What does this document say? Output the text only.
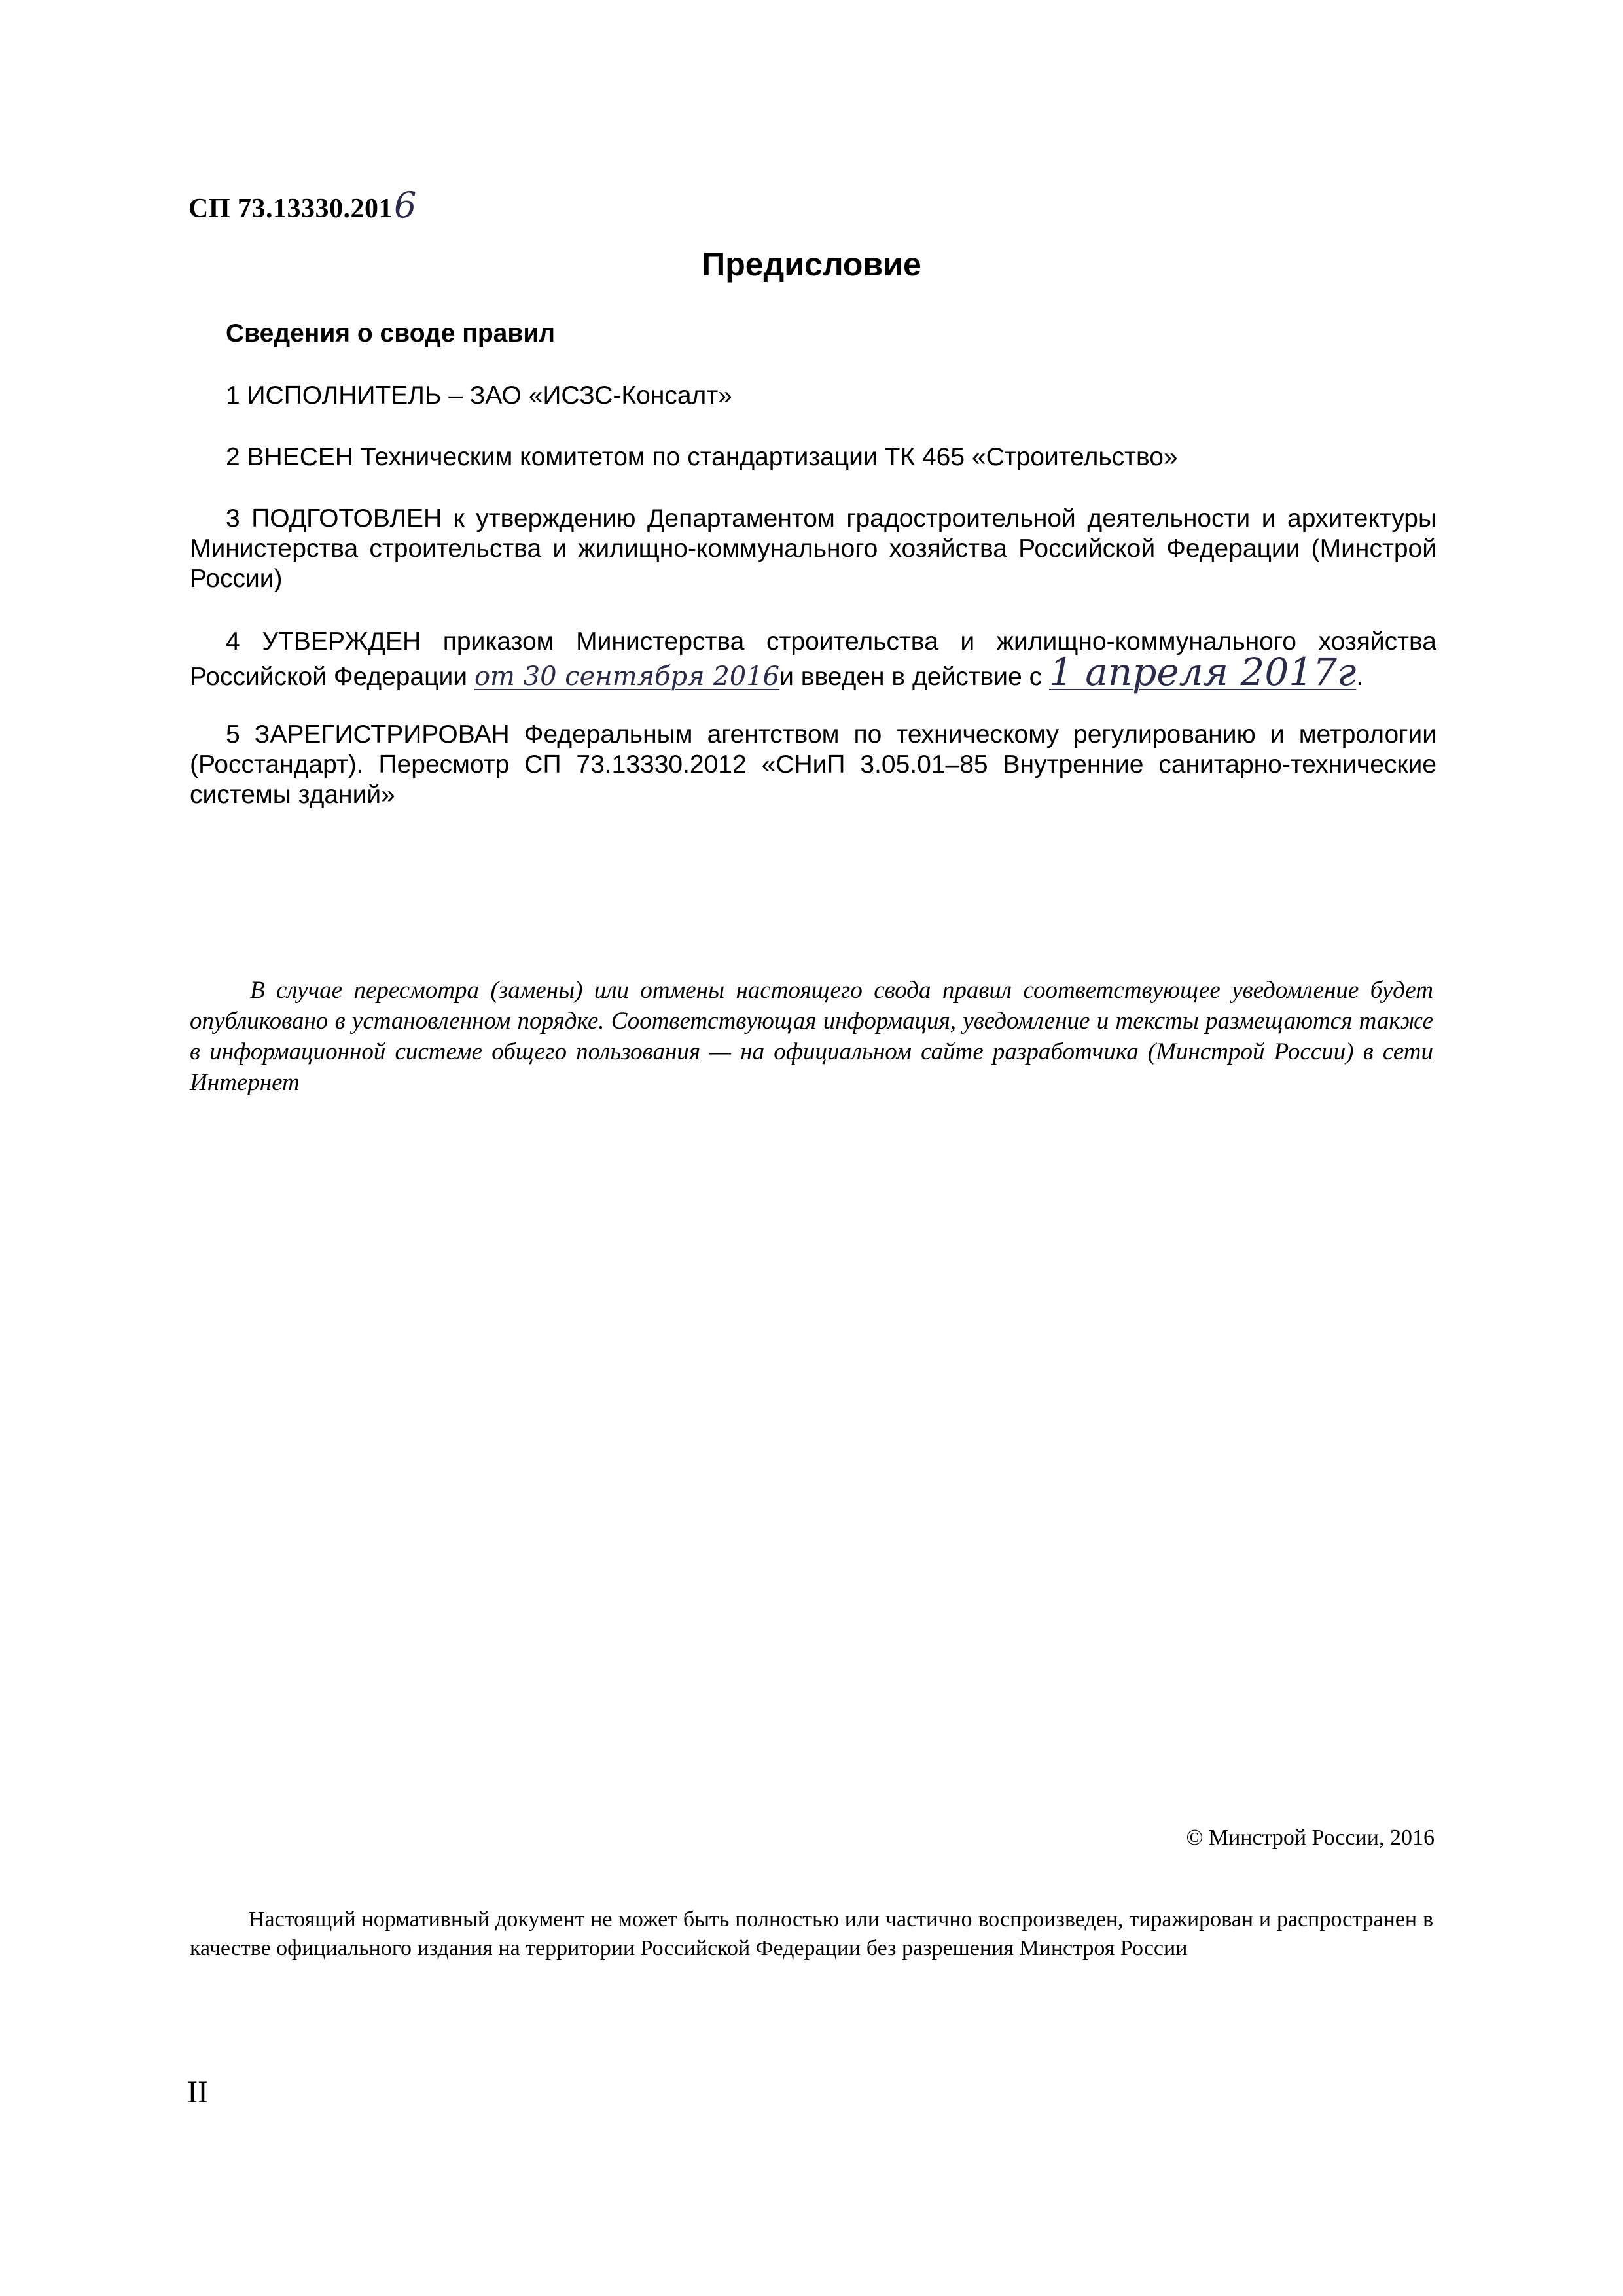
СП 73.13330.2016
Предисловие
Сведения о своде правил
1 ИСПОЛНИТЕЛЬ – ЗАО «ИСЗС-Консалт»
2 ВНЕСЕН Техническим комитетом по стандартизации ТК 465 «Строительство»
3 ПОДГОТОВЛЕН к утверждению Департаментом градостроительной деятельности и архитектуры Министерства строительства и жилищно-коммунального хозяйства Российской Федерации (Минстрой России)
4 УТВЕРЖДЕН приказом Министерства строительства и жилищно-коммунального хозяйства Российской Федерации от 30 сентября 2016и введен в действие с 1 апреля 2017г.
5 ЗАРЕГИСТРИРОВАН Федеральным агентством по техническому регулированию и метрологии (Росстандарт). Пересмотр СП 73.13330.2012 «СНиП 3.05.01–85 Внутренние санитарно-технические системы зданий»
В случае пересмотра (замены) или отмены настоящего свода правил соответствующее уведомление будет опубликовано в установленном порядке. Соответствующая информация, уведомление и тексты размещаются также в информационной системе общего пользования — на официальном сайте разработчика (Минстрой России) в сети Интернет
© Минстрой России, 2016
Настоящий нормативный документ не может быть полностью или частично воспроизведен, тиражирован и распространен в качестве официального издания на территории Российской Федерации без разрешения Минстроя России
II
